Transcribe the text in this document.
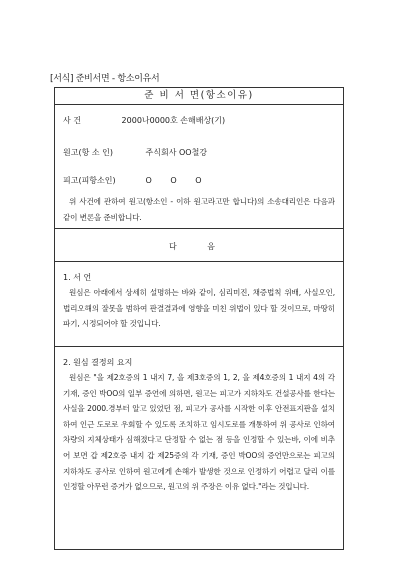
[서식] 준비서면 - 항소이유서
준 비 서 면(항소이유)
사 건	2000나0000호 손해배상(기)
원고(항 소 인)	주식회사 OO철강
피고(피항소인)	O O O
위 사건에 관하여 원고(항소인 - 이하 원고라고만 합니다)의 소송대리인은 다음과 같이 변론을 준비합니다.
다 음
1. 서 언
원심은 아래에서 상세히 설명하는 바와 같이, 심리미진, 채증법칙 위배, 사실오인, 법리오해의 잘못을 범하여 판결결과에 영향을 미친 위법이 있다 할 것이므로, 마땅히 파기, 시정되어야 할 것입니다.
2. 원심 결정의 요지
원심은 "을 제2호증의 1 내지 7, 을 제3호증의 1, 2, 을 제4호증의 1 내지 4의 각 기재, 증인 박OO의 일부 증언에 의하면, 원고는 피고가 지하차도 건설공사를 한다는 사실을 2000.경부터 알고 있었던 점, 피고가 공사를 시작한 이후 안전표지판을 설치하여 인근 도로로 우회할 수 있도록 조치하고 임시도로를 개통하여 위 공사로 인하여 차량의 지체상태가 심해졌다고 단정할 수 없는 점 등을 인정할 수 있는바, 이에 비추어 보면 갑 제2호증 내지 갑 제25증의 각 기재, 증인 박OO의 증언만으로는 피고의 지하차도 공사로 인하여 원고에게 손해가 발생한 것으로 인정하기 어렵고 달리 이를 인정할 아무런 증거가 없으므로, 원고의 위 주장은 이유 없다."라는 것입니다.
